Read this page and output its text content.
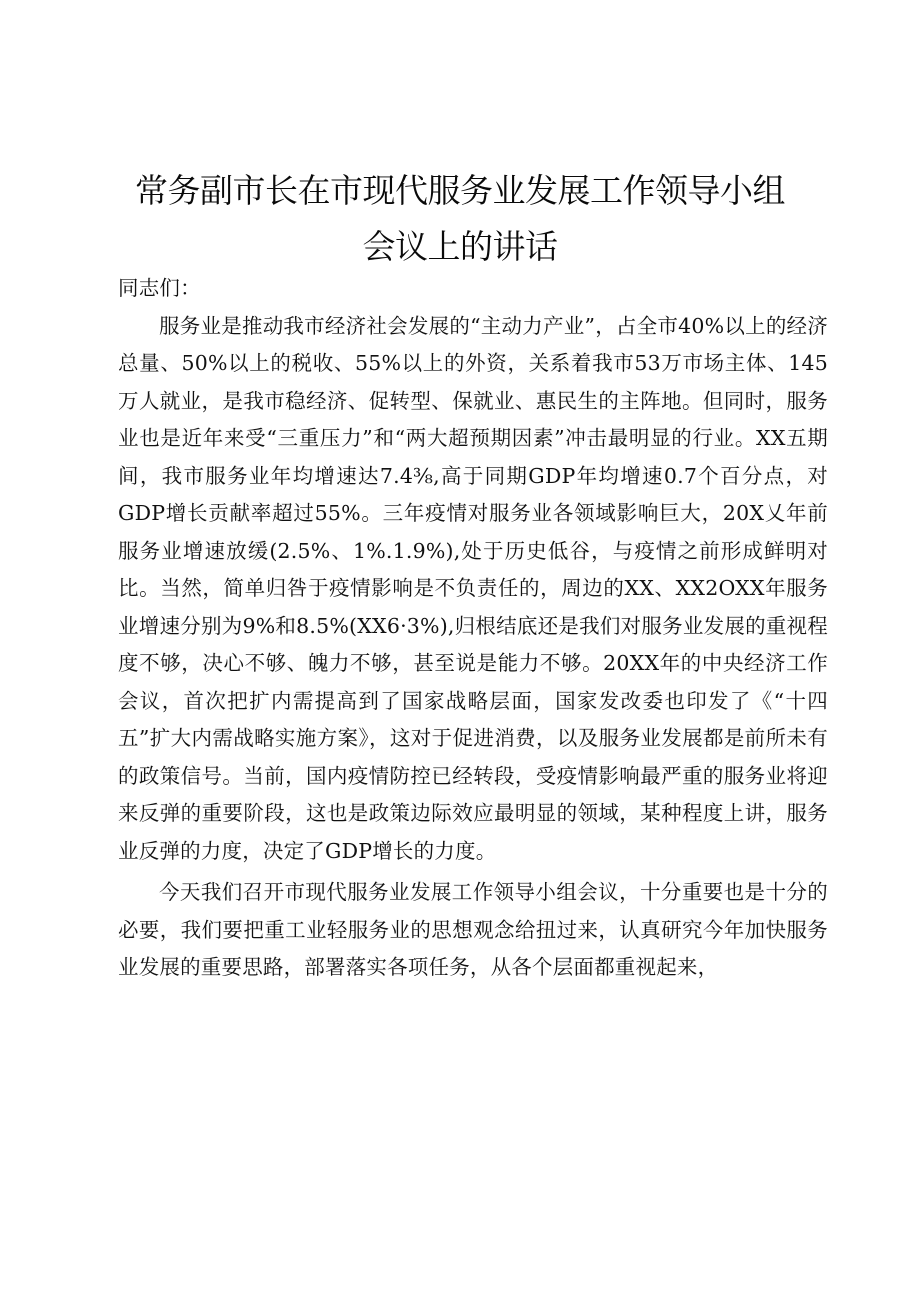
常务副市长在市现代服务业发展工作领导小组
会议上的讲话

同志们：

服务业是推动我市经济社会发展的“主动力产业”，占全市40%以上的经济总量、50%以上的税收、55%以上的外资，关系着我市53万市场主体、145万人就业，是我市稳经济、促转型、保就业、惠民生的主阵地。但同时，服务业也是近年来受“三重压力”和“两大超预期因素”冲击最明显的行业。XX五期间，我市服务业年均增速达7.4⅜,高于同期GDP年均增速0.7个百分点，对GDP增长贡献率超过55%。三年疫情对服务业各领域影响巨大，20X乂年前服务业增速放缓(2.5%、1%.1.9%),处于历史低谷，与疫情之前形成鲜明对比。当然，简单归咎于疫情影响是不负责任的，周边的XX、XX2OXX年服务业增速分别为9%和8.5%(XX6·3%),归根结底还是我们对服务业发展的重视程度不够，决心不够、魄力不够，甚至说是能力不够。20XX年的中央经济工作会议，首次把扩内需提高到了国家战略层面，国家发改委也印发了《“十四五”扩大内需战略实施方案》，这对于促进消费，以及服务业发展都是前所未有的政策信号。当前，国内疫情防控已经转段，受疫情影响最严重的服务业将迎来反弹的重要阶段，这也是政策边际效应最明显的领域，某种程度上讲，服务业反弹的力度，决定了GDP增长的力度。

今天我们召开市现代服务业发展工作领导小组会议，十分重要也是十分的必要，我们要把重工业轻服务业的思想观念给扭过来，认真研究今年加快服务业发展的重要思路，部署落实各项任务，从各个层面都重视起来，
